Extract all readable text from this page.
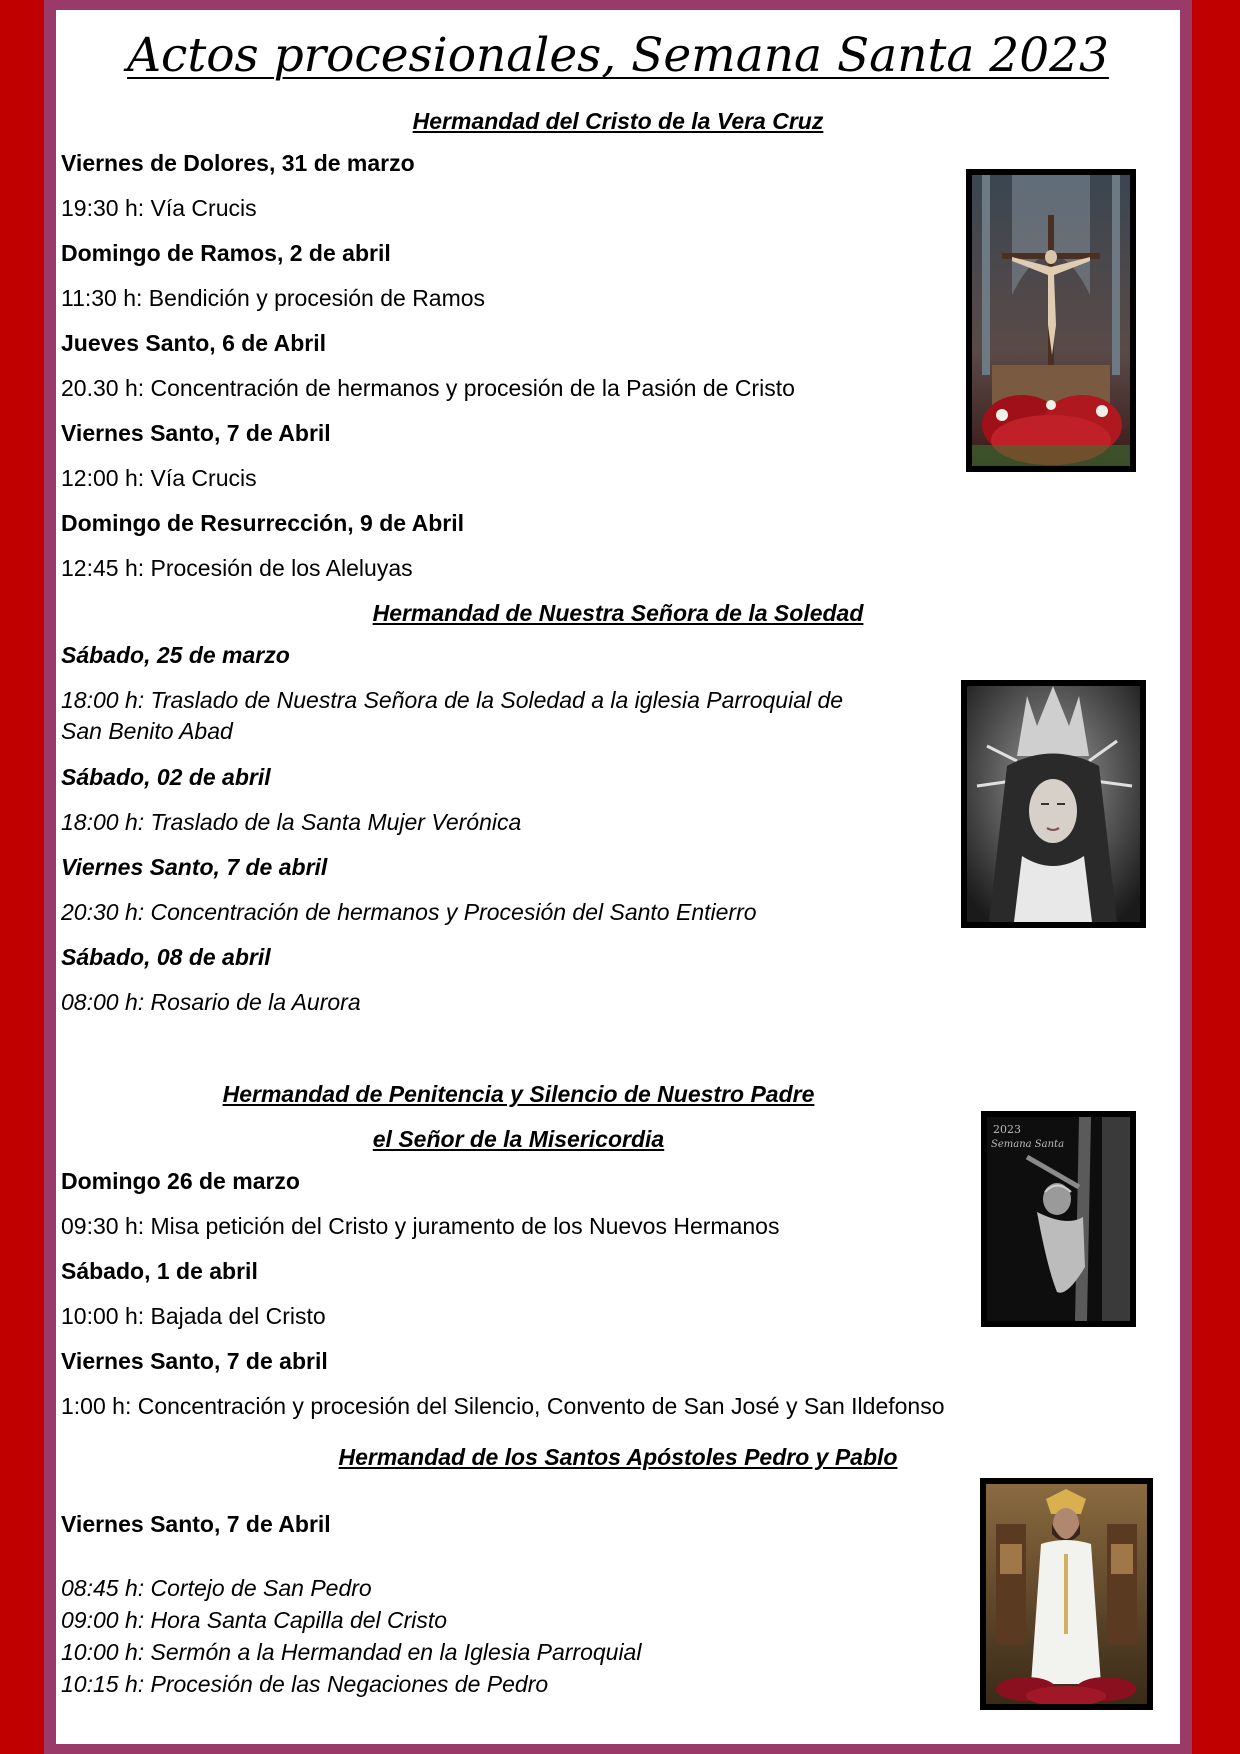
Actos procesionales, Semana Santa 2023
Hermandad del Cristo de la Vera Cruz
Viernes de Dolores, 31 de marzo
19:30 h: Vía Crucis
Domingo de Ramos, 2 de abril
11:30 h: Bendición y procesión de Ramos
Jueves Santo, 6 de Abril
20.30 h: Concentración de hermanos y procesión de la Pasión de Cristo
Viernes Santo, 7 de Abril
12:00 h: Vía Crucis
Domingo de Resurrección, 9 de Abril
12:45 h: Procesión de los Aleluyas
Hermandad de Nuestra Señora de la Soledad
Sábado, 25 de marzo
18:00 h: Traslado de Nuestra Señora de la Soledad a la iglesia Parroquial de
San Benito Abad
Sábado, 02 de abril
18:00 h: Traslado de la Santa Mujer Verónica
Viernes Santo, 7 de abril
20:30 h: Concentración de hermanos y Procesión del Santo Entierro
Sábado, 08 de abril
08:00 h: Rosario de la Aurora
Hermandad de Penitencia y Silencio de Nuestro Padre
el Señor de la Misericordia
Domingo 26 de marzo
09:30 h: Misa petición del Cristo y juramento de los Nuevos Hermanos
Sábado, 1 de abril
10:00 h: Bajada del Cristo
Viernes Santo, 7 de abril
1:00 h: Concentración y procesión del Silencio, Convento de San José y San Ildefonso
2023
Semana Santa
Hermandad de los Santos Apóstoles Pedro y Pablo
Viernes Santo, 7 de Abril
08:45 h: Cortejo de San Pedro
09:00 h: Hora Santa Capilla del Cristo
10:00 h: Sermón a la Hermandad en la Iglesia Parroquial
10:15 h: Procesión de las Negaciones de Pedro
